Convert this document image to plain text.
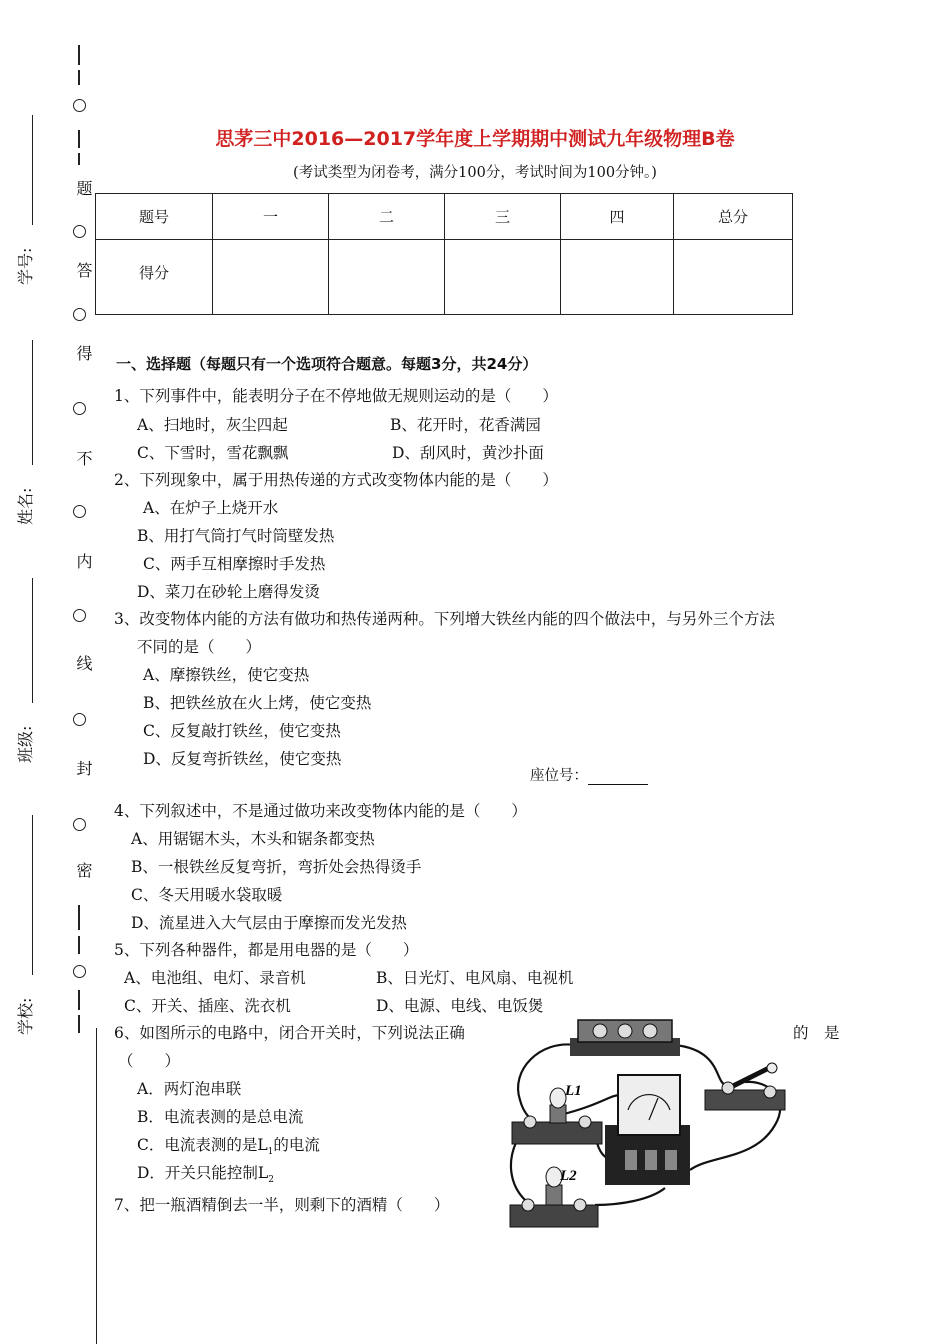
题
答
得
不
内
线
封
密
学号:
姓名:
班级:
学校:
思茅三中2016—2017学年度上学期期中测试九年级物理B卷
(考试类型为闭卷考，满分100分，考试时间为100分钟。)
题号	一	二	三	四	总分
得分					
一、选择题（每题只有一个选项符合题意。每题3分，共24分）
1、下列事件中，能表明分子在不停地做无规则运动的是（　　）
A、扫地时，灰尘四起	B、花开时，花香满园
C、下雪时，雪花飘飘	D、刮风时，黄沙扑面
2、下列现象中，属于用热传递的方式改变物体内能的是（　　）
A、在炉子上烧开水
B、用打气筒打气时筒壁发热
C、两手互相摩擦时手发热
D、菜刀在砂轮上磨得发烫
3、改变物体内能的方法有做功和热传递两种。下列增大铁丝内能的四个做法中，与另外三个方法
不同的是（　　）
A、摩擦铁丝，使它变热
B、把铁丝放在火上烤，使它变热
C、反复敲打铁丝，使它变热
D、反复弯折铁丝，使它变热
座位号：
4、下列叙述中，不是通过做功来改变物体内能的是（　　）
A、用锯锯木头，木头和锯条都变热
B、一根铁丝反复弯折，弯折处会热得烫手
C、冬天用暖水袋取暖
D、流星进入大气层由于摩擦而发光发热
5、下列各种器件，都是用电器的是（　　）
A、电池组、电灯、录音机	B、日光灯、电风扇、电视机
C、开关、插座、洗衣机	D、电源、电线、电饭煲
6、如图所示的电路中，闭合开关时，下列说法正确	的　是
（　　）
A．两灯泡串联
B．电流表测的是总电流
C．电流表测的是$L_1$的电流
D．开关只能控制$L_2$
7、把一瓶酒精倒去一半，则剩下的酒精（　　）
L1
L2
